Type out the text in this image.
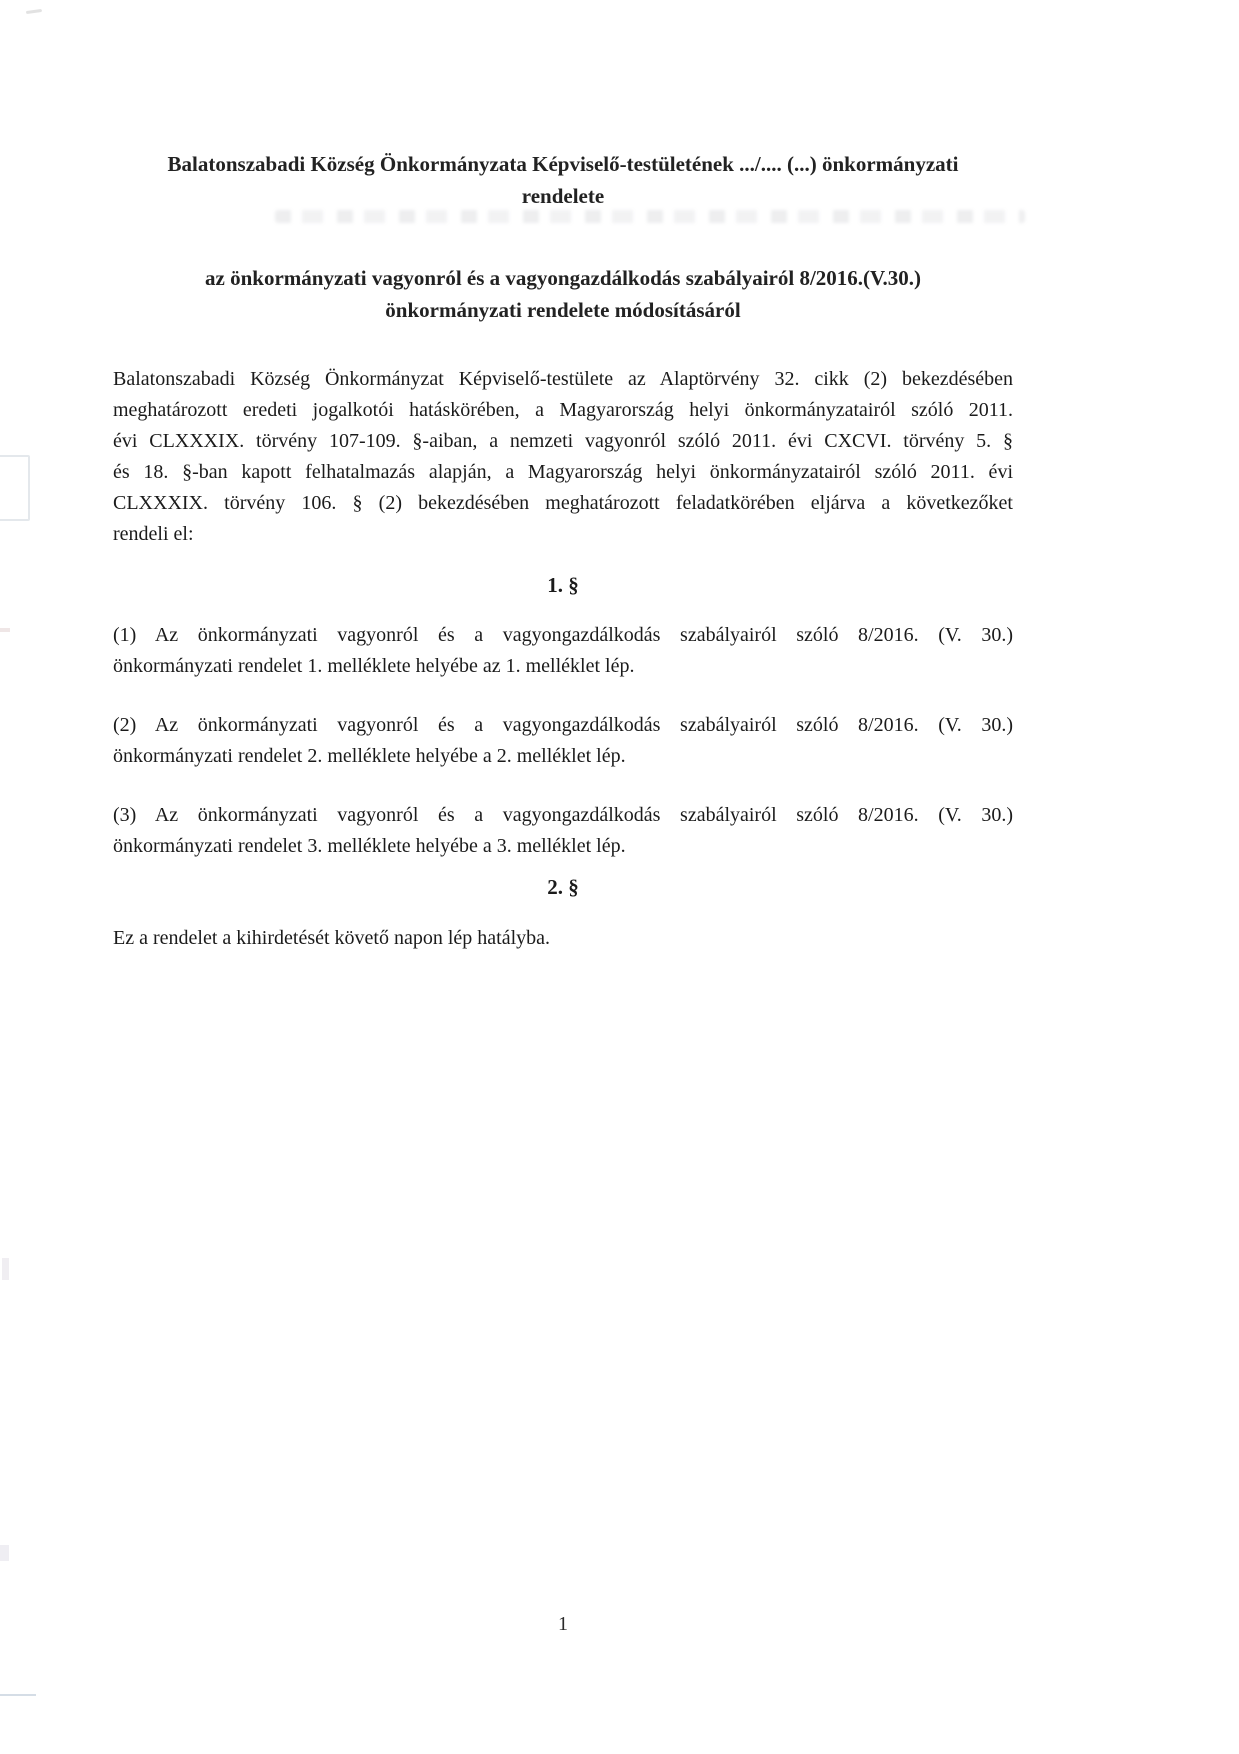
Balatonszabadi Község Önkormányzata Képviselő-testületének .../.... (...) önkormányzati
rendelete
az önkormányzati vagyonról és a vagyongazdálkodás szabályairól 8/2016.(V.30.)
önkormányzati rendelete módosításáról
Balatonszabadi Község Önkormányzat Képviselő-testülete az Alaptörvény 32. cikk (2) bekezdésében
meghatározott eredeti jogalkotói hatáskörében, a Magyarország helyi önkormányzatairól szóló 2011.
évi CLXXXIX. törvény 107-109. §-aiban, a nemzeti vagyonról szóló 2011. évi CXCVI. törvény 5. §
és 18. §-ban kapott felhatalmazás alapján, a Magyarország helyi önkormányzatairól szóló 2011. évi
CLXXXIX. törvény 106. § (2) bekezdésében meghatározott feladatkörében eljárva a következőket
rendeli el:
1. §
(1) Az önkormányzati vagyonról és a vagyongazdálkodás szabályairól szóló 8/2016. (V. 30.)
önkormányzati rendelet 1. melléklete helyébe az 1. melléklet lép.
(2) Az önkormányzati vagyonról és a vagyongazdálkodás szabályairól szóló 8/2016. (V. 30.)
önkormányzati rendelet 2. melléklete helyébe a 2. melléklet lép.
(3) Az önkormányzati vagyonról és a vagyongazdálkodás szabályairól szóló 8/2016. (V. 30.)
önkormányzati rendelet 3. melléklete helyébe a 3. melléklet lép.
2. §
Ez a rendelet a kihirdetését követő napon lép hatályba.
1
